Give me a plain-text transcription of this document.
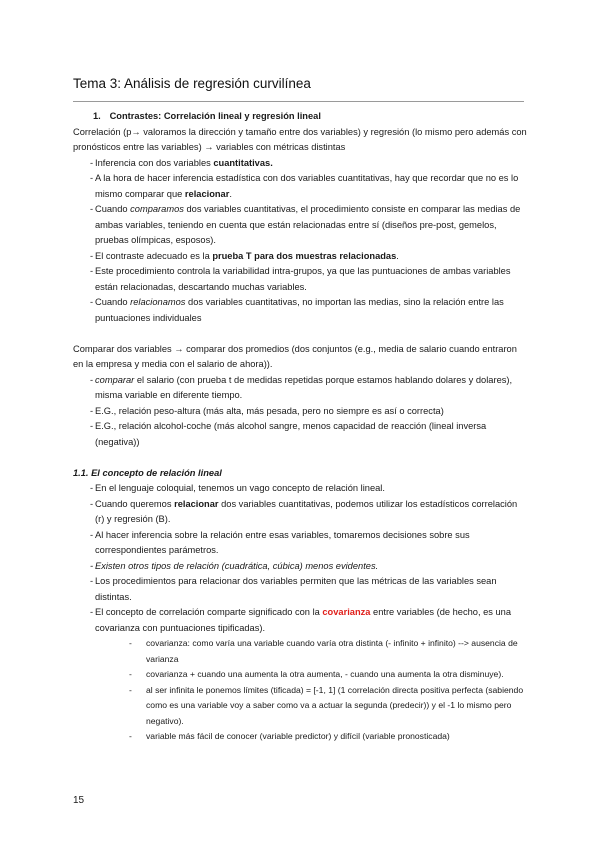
Tema 3: Análisis de regresión curvilínea

1. Contrastes: Correlación lineal y regresión lineal

Correlación (p→ valoramos la dirección y tamaño entre dos variables) y regresión (lo mismo pero además con pronósticos entre las variables) → variables con métricas distintas

- Inferencia con dos variables cuantitativas.
- A la hora de hacer inferencia estadística con dos variables cuantitativas, hay que recordar que no es lo mismo comparar que relacionar.
- Cuando comparamos dos variables cuantitativas, el procedimiento consiste en comparar las medias de ambas variables, teniendo en cuenta que están relacionadas entre sí (diseños pre-post, gemelos, pruebas olímpicas, esposos).
- El contraste adecuado es la prueba T para dos muestras relacionadas.
- Este procedimiento controla la variabilidad intra-grupos, ya que las puntuaciones de ambas variables están relacionadas, descartando muchas variables.
- Cuando relacionamos dos variables cuantitativas, no importan las medias, sino la relación entre las puntuaciones individuales

Comparar dos variables → comparar dos promedios (dos conjuntos (e.g., media de salario cuando entraron en la empresa y media con el salario de ahora)).

- comparar el salario (con prueba t de medidas repetidas porque estamos hablando dolares y dolares), misma variable en diferente tiempo.
- E.G., relación peso-altura (más alta, más pesada, pero no siempre es así o correcta)
- E.G., relación alcohol-coche (más alcohol sangre, menos capacidad de reacción (lineal inversa (negativa))

1.1. El concepto de relación lineal

- En el lenguaje coloquial, tenemos un vago concepto de relación lineal.
- Cuando queremos relacionar dos variables cuantitativas, podemos utilizar los estadísticos correlación (r) y regresión (B).
- Al hacer inferencia sobre la relación entre esas variables, tomaremos decisiones sobre sus correspondientes parámetros.
- Existen otros tipos de relación (cuadrática, cúbica) menos evidentes.
- Los procedimientos para relacionar dos variables permiten que las métricas de las variables sean distintas.
- El concepto de correlación comparte significado con la covarianza entre variables (de hecho, es una covarianza con puntuaciones tipificadas).
- covarianza: como varía una variable cuando varía otra distinta (- infinito + infinito) --> ausencia de varianza
- covarianza + cuando una aumenta la otra aumenta, - cuando una aumenta la otra disminuye).
- al ser infinita le ponemos límites (tificada) = [-1, 1] (1 correlación directa positiva perfecta (sabiendo como es una variable voy a saber como va a actuar la segunda (predecir)) y el -1 lo mismo pero negativo).
- variable más fácil de conocer (variable predictor) y difícil (variable pronosticada)
15
